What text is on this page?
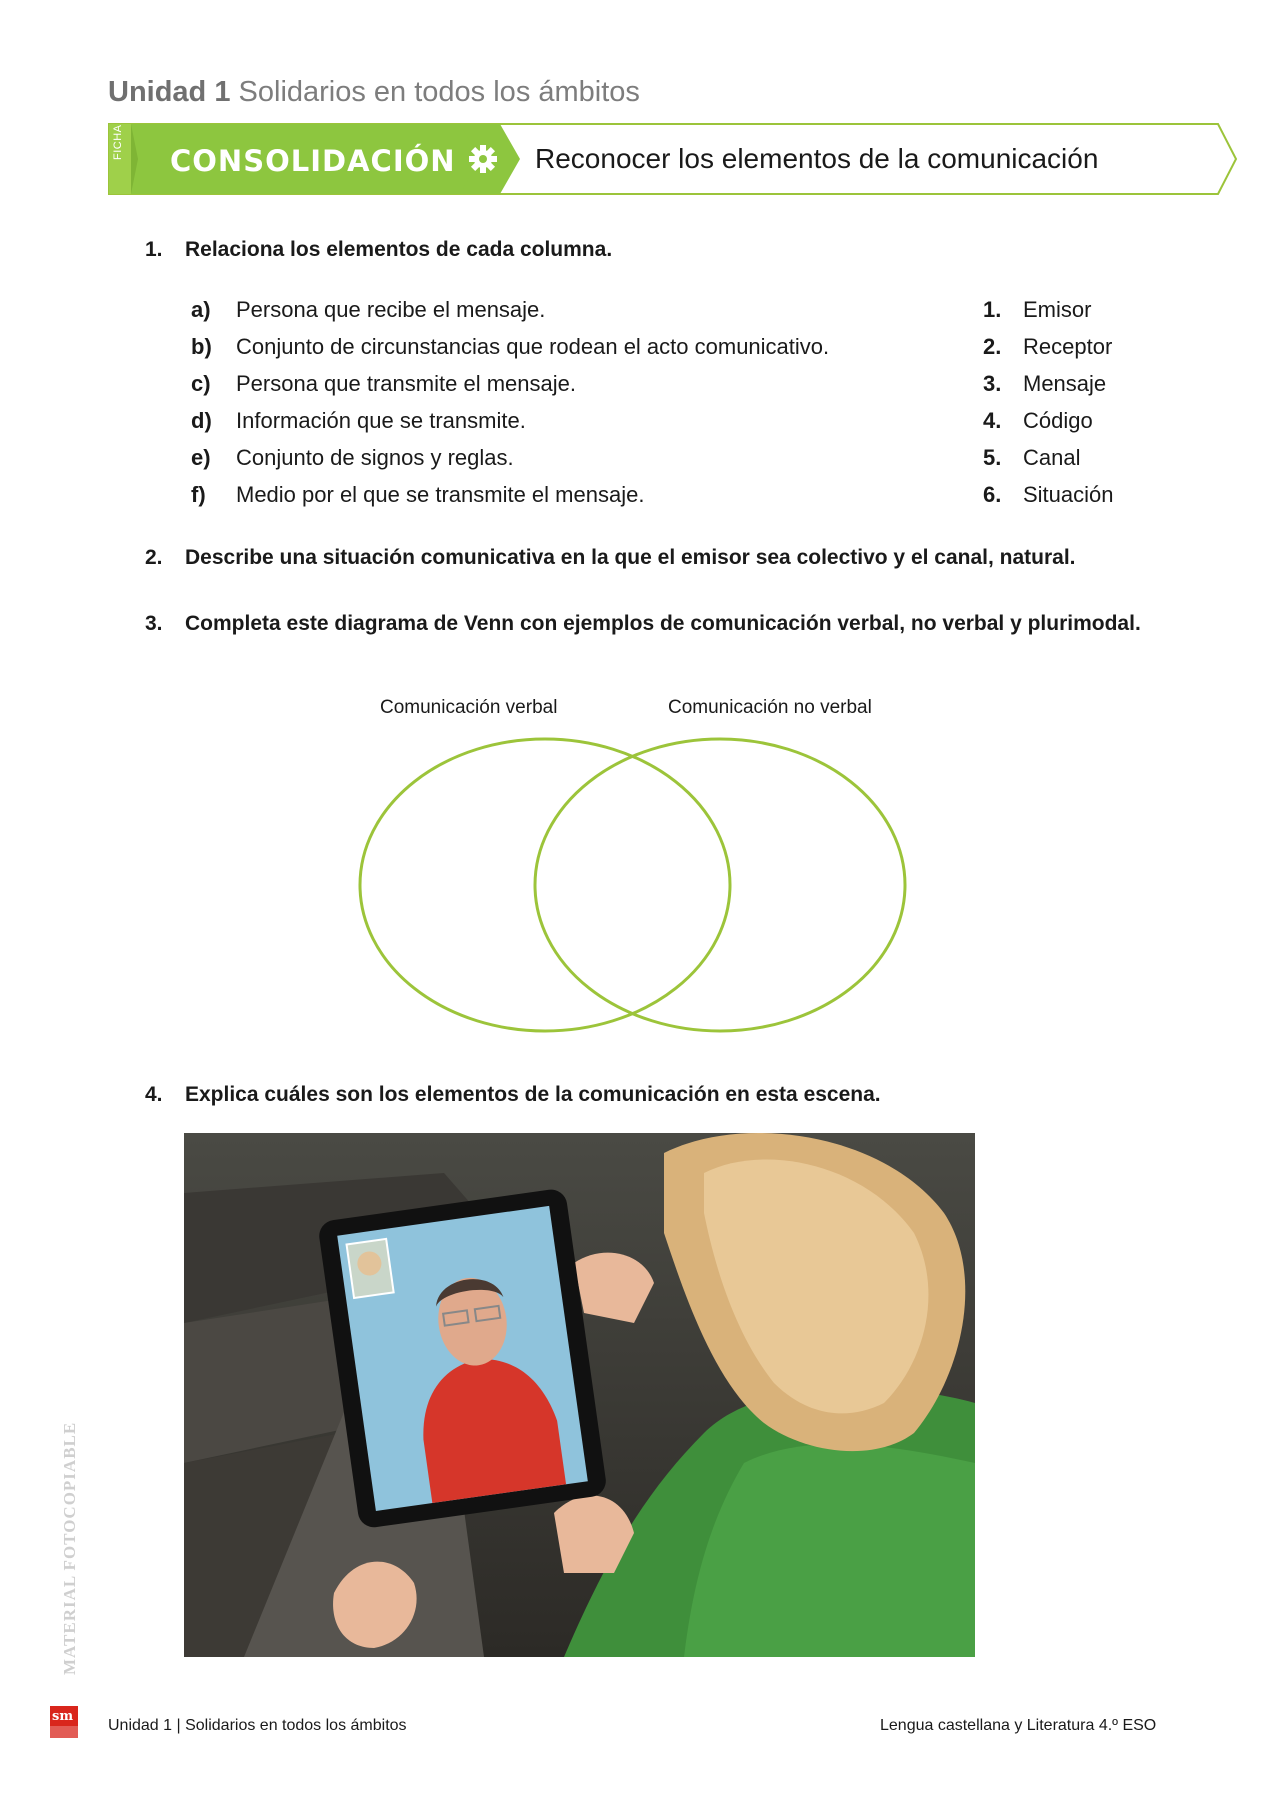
Unidad 1 Solidarios en todos los ámbitos
FICHA DE
CONSOLIDACIÓN	Reconocer los elementos de la comunicación
1. Relaciona los elementos de cada columna.
a) Persona que recibe el mensaje.
b) Conjunto de circunstancias que rodean el acto comunicativo.
c) Persona que transmite el mensaje.
d) Información que se transmite.
e) Conjunto de signos y reglas.
f) Medio por el que se transmite el mensaje.
1. Emisor
2. Receptor
3. Mensaje
4. Código
5. Canal
6. Situación
2. Describe una situación comunicativa en la que el emisor sea colectivo y el canal, natural.
3. Completa este diagrama de Venn con ejemplos de comunicación verbal, no verbal y plurimodal.
Comunicación verbal	Comunicación no verbal
4. Explica cuáles son los elementos de la comunicación en esta escena.
MATERIAL FOTOCOPIABLE
sm
Unidad 1 | Solidarios en todos los ámbitos	Lengua castellana y Literatura 4.º ESO
